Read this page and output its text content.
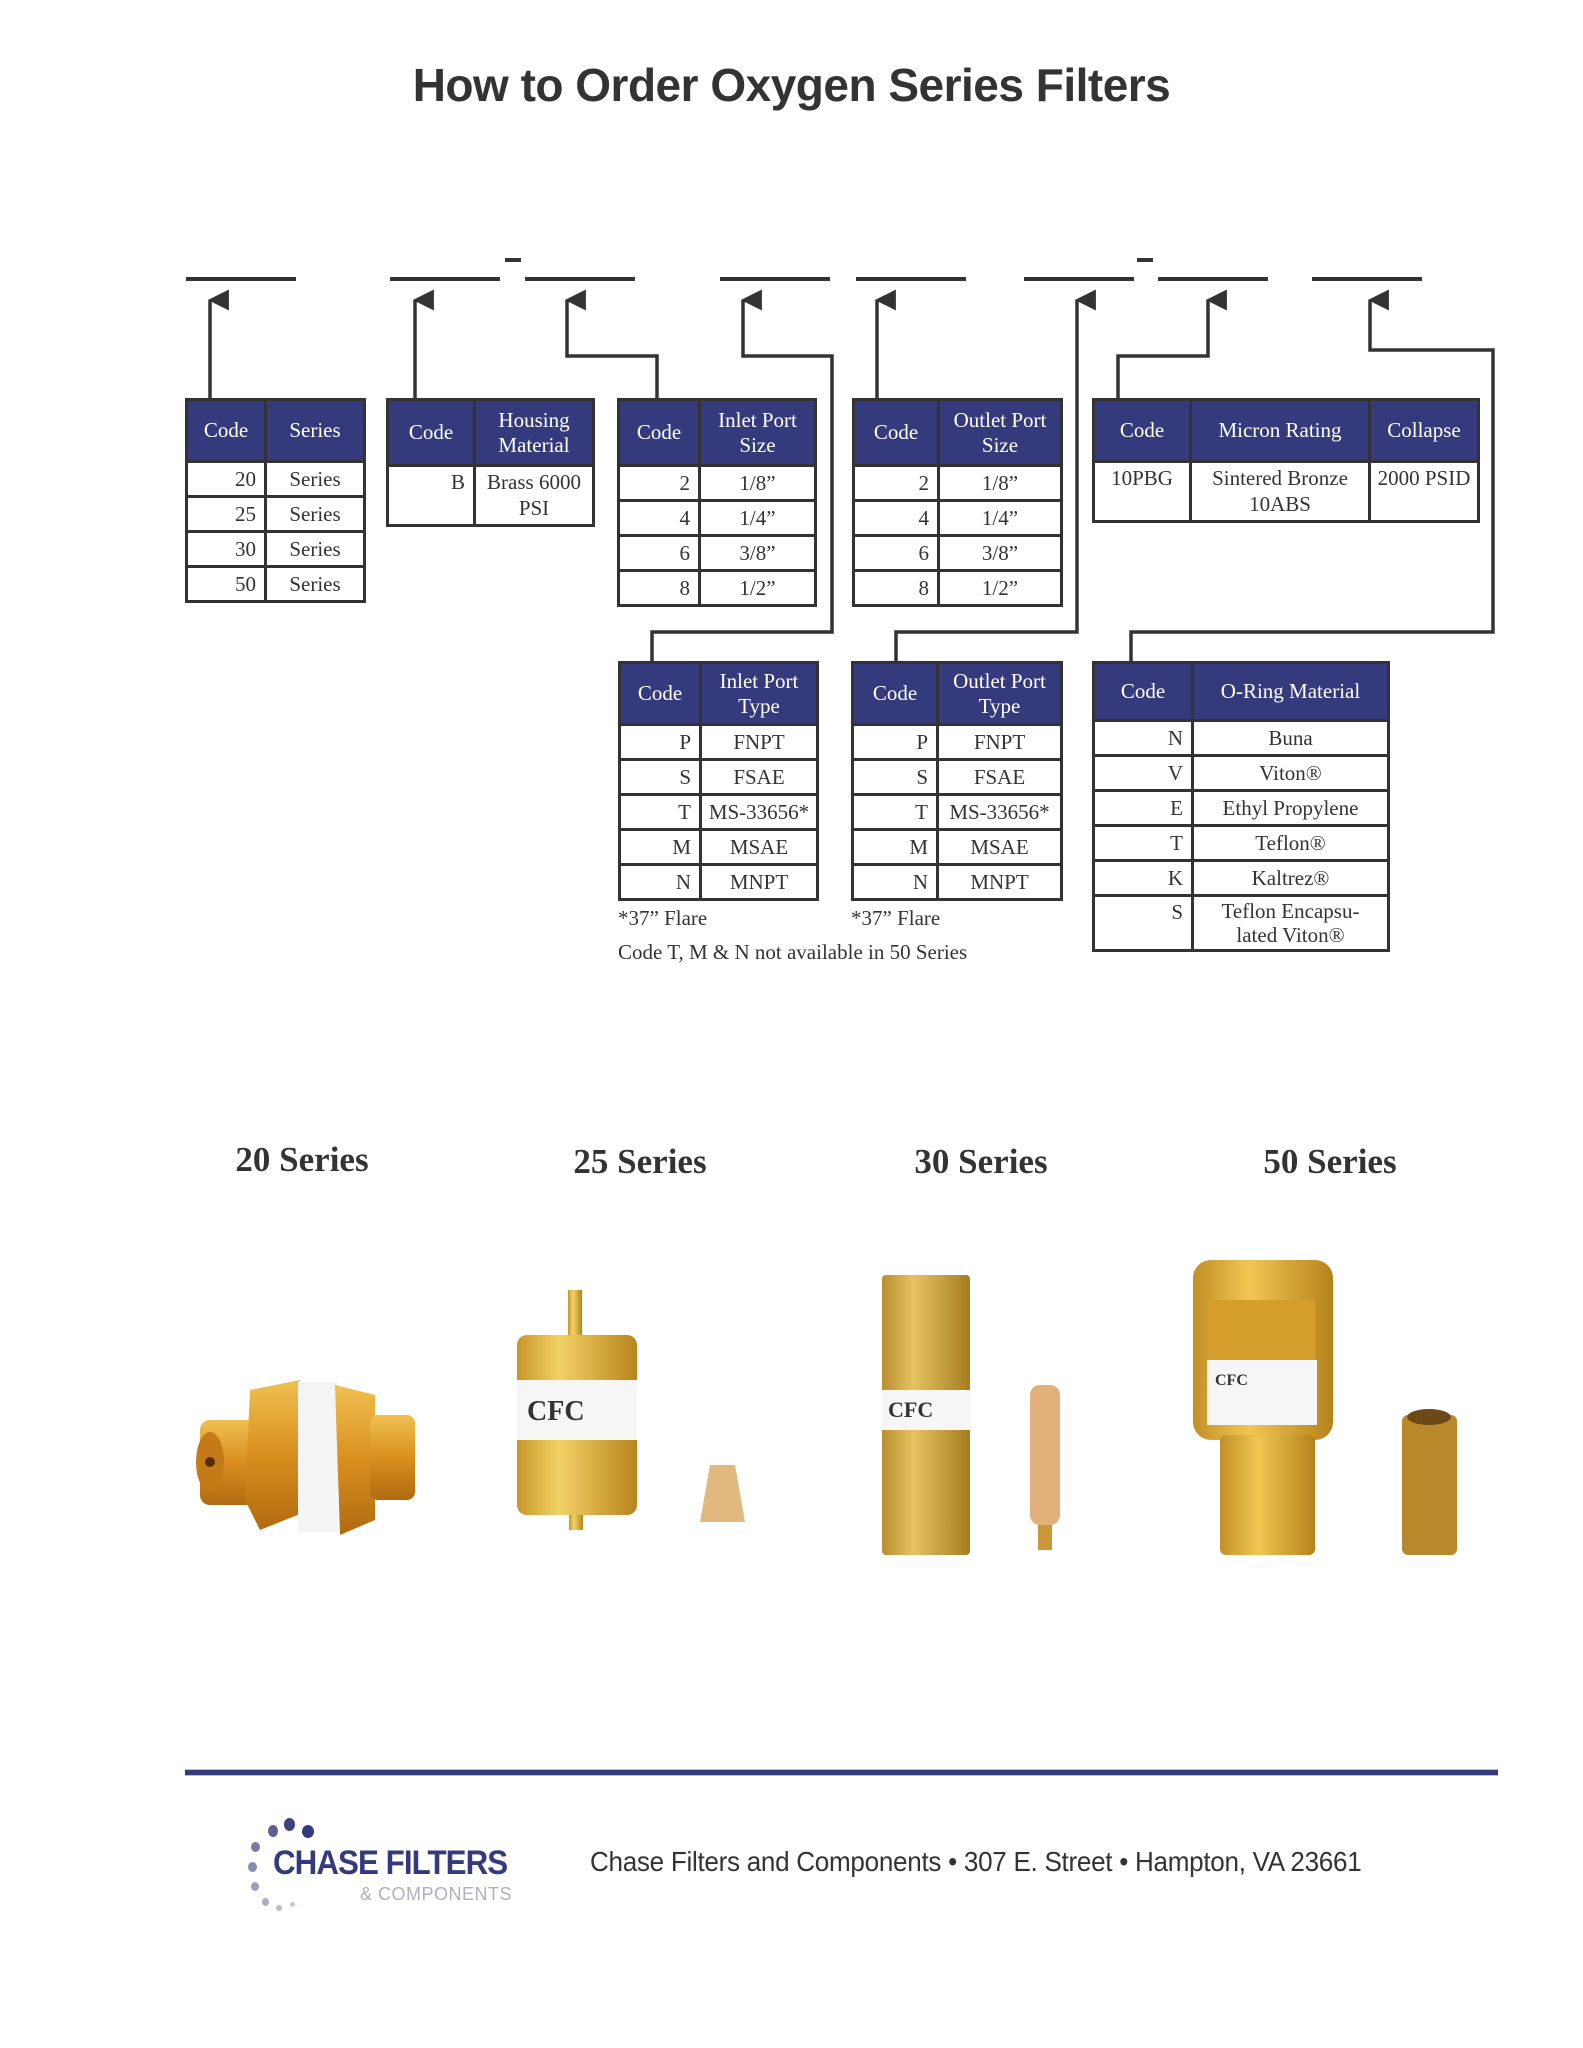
How to Order Oxygen Series Filters
Code	Series
20	Series
25	Series
30	Series
50	Series
Code	Housing Material
B	Brass 6000 PSI
Code	Inlet Port Size
2	1/8”
4	1/4”
6	3/8”
8	1/2”
Code	Outlet Port Size
2	1/8”
4	1/4”
6	3/8”
8	1/2”
Code	Micron Rating	Collapse
10PBG	Sintered Bronze 10ABS	2000 PSID
Code	Inlet Port Type
P	FNPT
S	FSAE
T	MS-33656*
M	MSAE
N	MNPT
Code	Outlet Port Type
P	FNPT
S	FSAE
T	MS-33656*
M	MSAE
N	MNPT
Code	O-Ring Material
N	Buna
V	Viton®
E	Ethyl Propylene
T	Teflon®
K	Kaltrez®
S	Teflon Encapsu-lated Viton®
*37” Flare	*37” Flare
Code T, M & N not available in 50 Series
20 Series	25 Series	30 Series	50 Series
CFC	CFC
CFC
CHASE FILTERS
& COMPONENTS
Chase Filters and Components • 307 E. Street • Hampton, VA 23661
